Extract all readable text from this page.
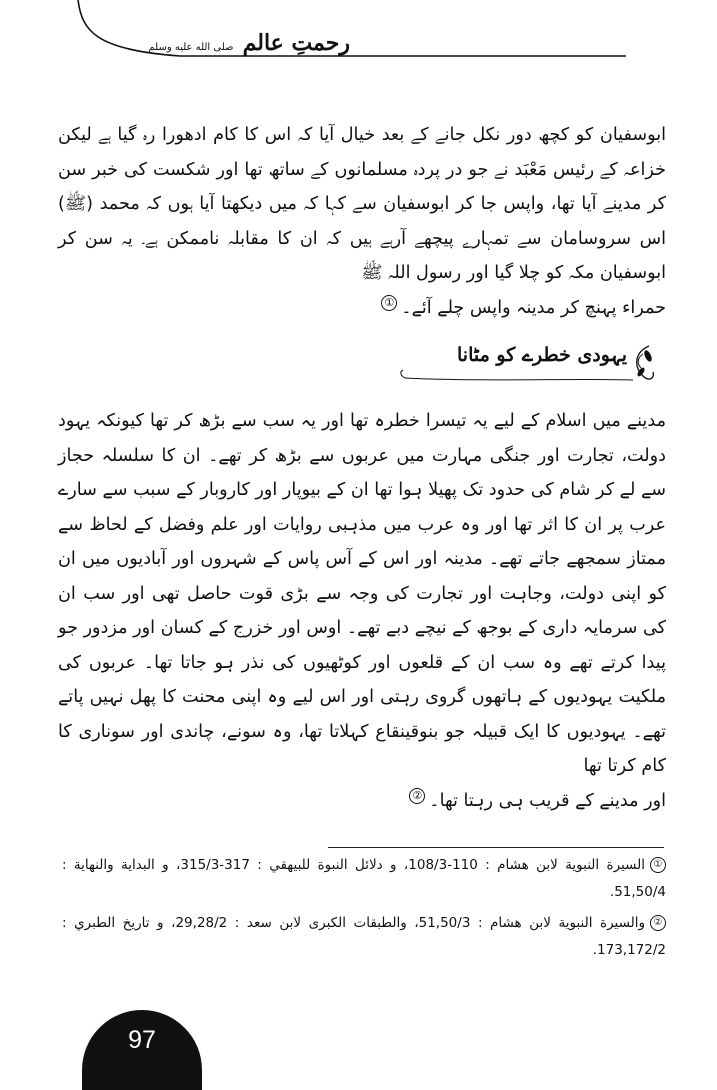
رحمتِ عالم صلى الله عليه وسلم
ابوسفیان کو کچھ دور نکل جانے کے بعد خیال آیا کہ اس کا کام ادھورا رہ گیا ہے لیکن خزاعہ کے رئیس مَعْبَد نے جو در پردہ مسلمانوں کے ساتھ تھا اور شکست کی خبر سن کر مدینے آیا تھا، واپس جا کر ابوسفیان سے کہا کہ میں دیکھتا آیا ہوں کہ محمد (ﷺ) اس سروسامان سے تمہارے پیچھے آرہے ہیں کہ ان کا مقابلہ ناممکن ہے۔ یہ سن کر ابوسفیان مکہ کو چلا گیا اور رسول اللہ ﷺ
حمراء پہنچ کر مدینہ واپس چلے آئے۔①
یہودی خطرے کو مٹانا
مدینے میں اسلام کے لیے یہ تیسرا خطرہ تھا اور یہ سب سے بڑھ کر تھا کیونکہ یہود دولت، تجارت اور جنگی مہارت میں عربوں سے بڑھ کر تھے۔ ان کا سلسلہ حجاز سے لے کر شام کی حدود تک پھیلا ہوا تھا ان کے بیوپار اور کاروبار کے سبب سے سارے عرب پر ان کا اثر تھا اور وہ عرب میں مذہبی روایات اور علم وفضل کے لحاظ سے ممتاز سمجھے جاتے تھے۔ مدینہ اور اس کے آس پاس کے شہروں اور آبادیوں میں ان کو اپنی دولت، وجاہت اور تجارت کی وجہ سے بڑی قوت حاصل تھی اور سب ان کی سرمایہ داری کے بوجھ کے نیچے دبے تھے۔ اوس اور خزرج کے کسان اور مزدور جو پیدا کرتے تھے وہ سب ان کے قلعوں اور کوٹھیوں کی نذر ہو جاتا تھا۔ عربوں کی ملکیت یہودیوں کے ہاتھوں گروی رہتی اور اس لیے وہ اپنی محنت کا پھل نہیں پاتے تھے۔ یہودیوں کا ایک قبیلہ جو بنوقینقاع کہلاتا تھا، وہ سونے، چاندی اور سوناری کا کام کرتا تھا
اور مدینے کے قریب ہی رہتا تھا۔②

①السيرة النبوية لابن هشام : 110-108/3، و دلائل النبوة للبيهقي : 317-315/3، و البداية والنهاية : 51,50/4.

②والسيرة النبوية لابن هشام : 51,50/3، والطبقات الكبرى لابن سعد : 29,28/2، و تاريخ الطبري : 173,172/2.

97
